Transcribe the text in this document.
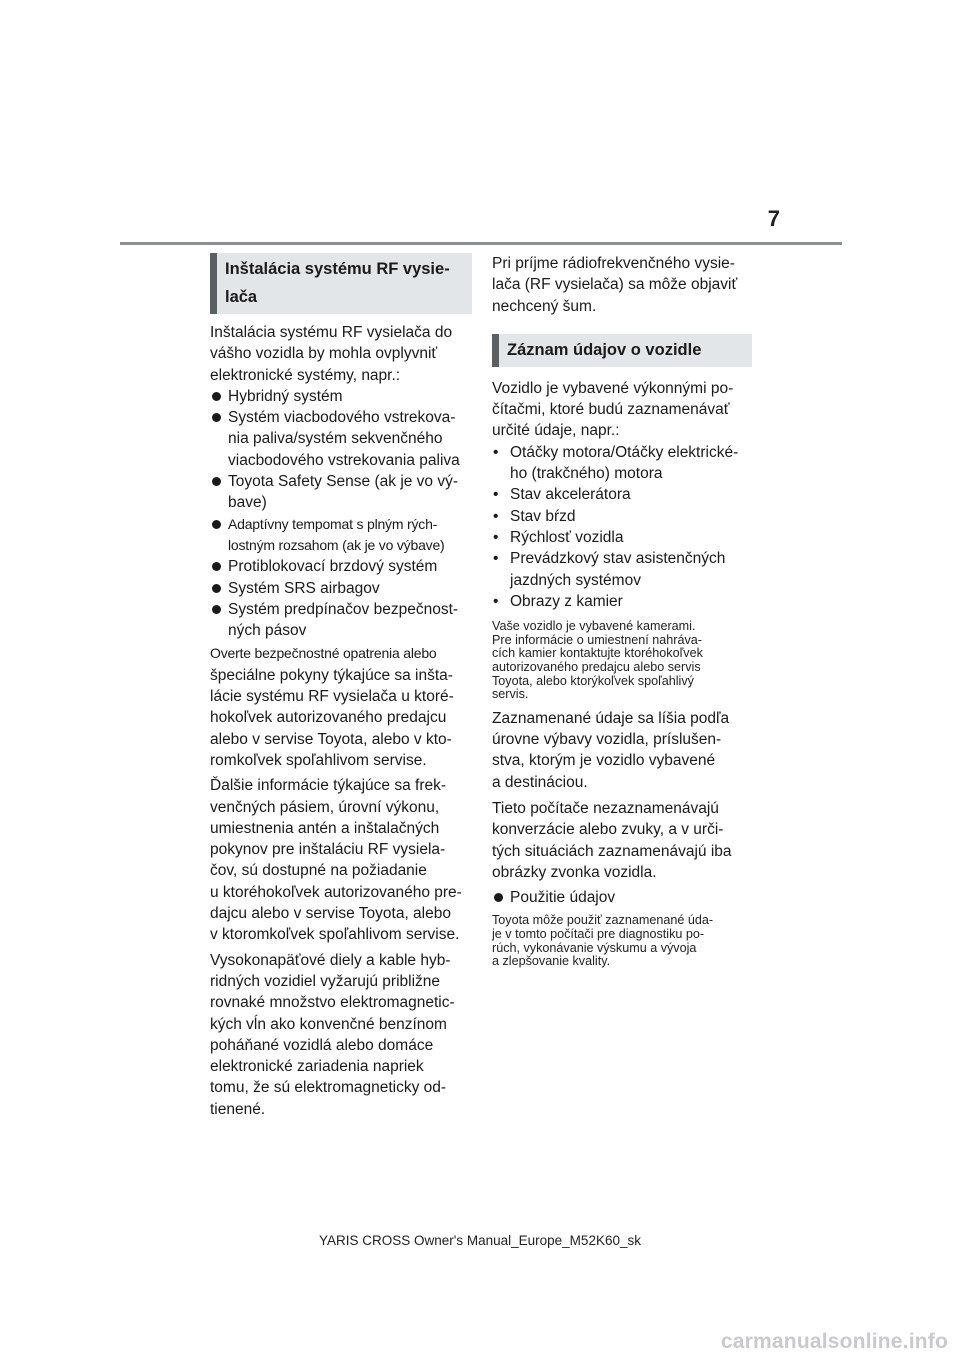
7
Inštalácia systému RF vysie-
lača

Inštalácia systému RF vysielača do

vášho vozidla by mohla ovplyvniť

elektronické systémy, napr.:

Hybridný systém
Systém viacbodového vstrekova-
nia paliva/systém sekvenčného
viacbodového vstrekovania paliva
Toyota Safety Sense (ak je vo vý-
bave)
Adaptívny tempomat s plným rých-
lostným rozsahom (ak je vo výbave)
Protiblokovací brzdový systém
Systém SRS airbagov
Systém predpínačov bezpečnost-
ných pásov

Overte bezpečnostné opatrenia alebo

špeciálne pokyny týkajúce sa inšta-

lácie systému RF vysielača u ktoré-

hokoľvek autorizovaného predajcu

alebo v servise Toyota, alebo v kto-

romkoľvek spoľahlivom servise.

Ďalšie informácie týkajúce sa frek-

venčných pásiem, úrovní výkonu,

umiestnenia antén a inštalačných

pokynov pre inštaláciu RF vysiela-

čov, sú dostupné na požiadanie

u ktoréhokoľvek autorizovaného pre-

dajcu alebo v servise Toyota, alebo

v ktoromkoľvek spoľahlivom servise.

Vysokonapäťové diely a kable hyb-

ridných vozidiel vyžarujú približne

rovnaké množstvo elektromagnetic-

kých vĺn ako konvenčné benzínom

poháňané vozidlá alebo domáce

elektronické zariadenia napriek

tomu, že sú elektromagneticky od-

tienené.

Pri príjme rádiofrekvenčného vysie-

lača (RF vysielača) sa môže objaviť

nechcený šum.

Záznam údajov o vozidle

Vozidlo je vybavené výkonnými po-

čítačmi, ktoré budú zaznamenávať

určité údaje, napr.:

• Otáčky motora/Otáčky elektrické-
ho (trakčného) motora
• Stav akcelerátora
• Stav bŕzd
• Rýchlosť vozidla
• Prevádzkový stav asistenčných
jazdných systémov
• Obrazy z kamier

Vaše vozidlo je vybavené kamerami.

Pre informácie o umiestnení nahráva-

cích kamier kontaktujte ktoréhokoľvek

autorizovaného predajcu alebo servis

Toyota, alebo ktorýkoľvek spoľahlivý

servis.

Zaznamenané údaje sa líšia podľa

úrovne výbavy vozidla, príslušen-

stva, ktorým je vozidlo vybavené

a destináciou.

Tieto počítače nezaznamenávajú

konverzácie alebo zvuky, a v urči-

tých situáciách zaznamenávajú iba

obrázky zvonka vozidla.

Použitie údajov

Toyota môže použiť zaznamenané úda-

je v tomto počítači pre diagnostiku po-

rúch, vykonávanie výskumu a vývoja

a zlepšovanie kvality.

YARIS CROSS Owner's Manual_Europe_M52K60_sk
carmanualsonline.info
